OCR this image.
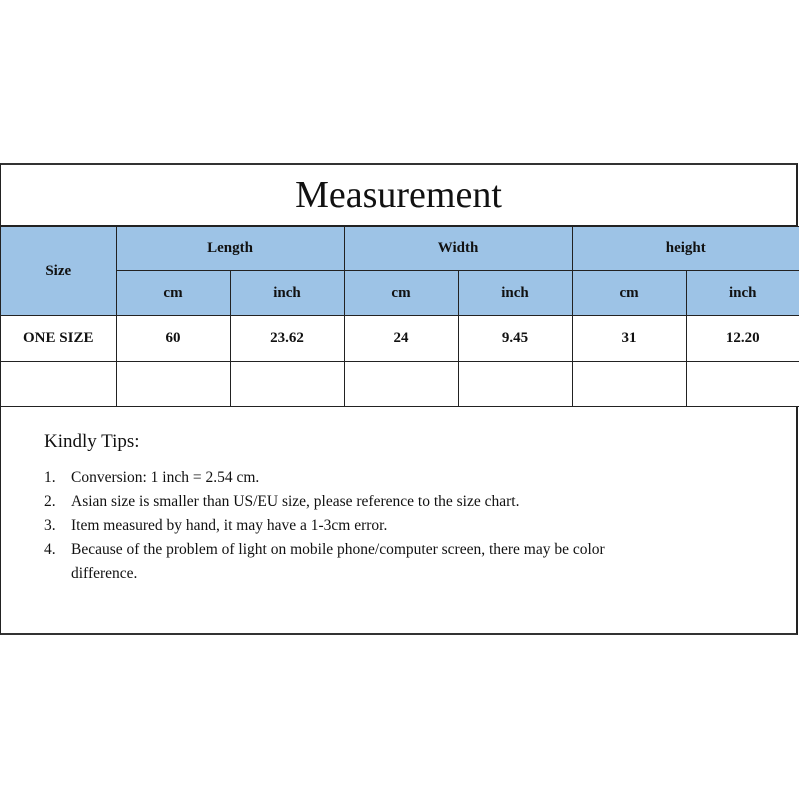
Measurement
Size	Length		Width		height	
	cm	inch	cm	inch	cm	inch
ONE SIZE	60	23.62	24	9.45	31	12.20

Kindly Tips:
1. Conversion: 1 inch = 2.54 cm.
2. Asian size is smaller than US/EU size, please reference to the size chart.
3. Item measured by hand, it may have a 1-3cm error.
4. Because of the problem of light on mobile phone/computer screen, there may be color difference.
